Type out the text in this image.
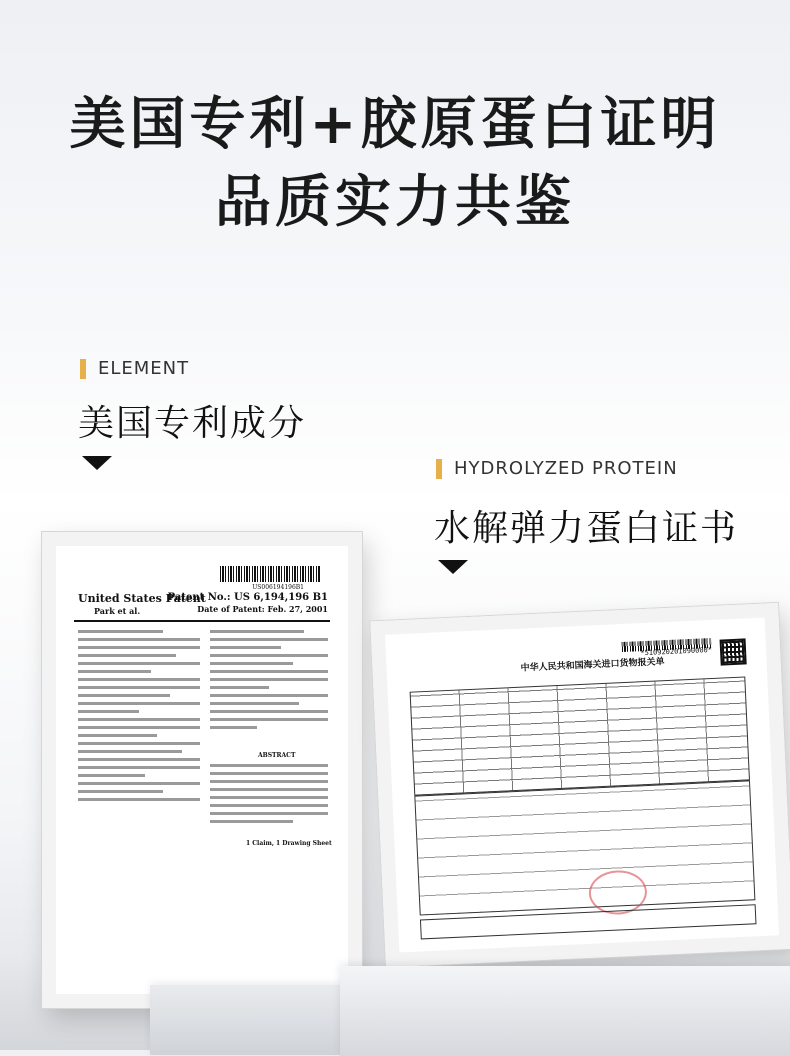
美国专利+胶原蛋白证明
品质实力共鉴
ELEMENT
美国专利成分
HYDROLYZED PROTEIN
水解弹力蛋白证书
US006194196B1
United States Patent
Park et al.
Patent No.: US 6,194,196 B1
Date of Patent: Feb. 27, 2001
ABSTRACT
1 Claim, 1 Drawing Sheet
中华人民共和国海关进口货物报关单
*510920201090000*
